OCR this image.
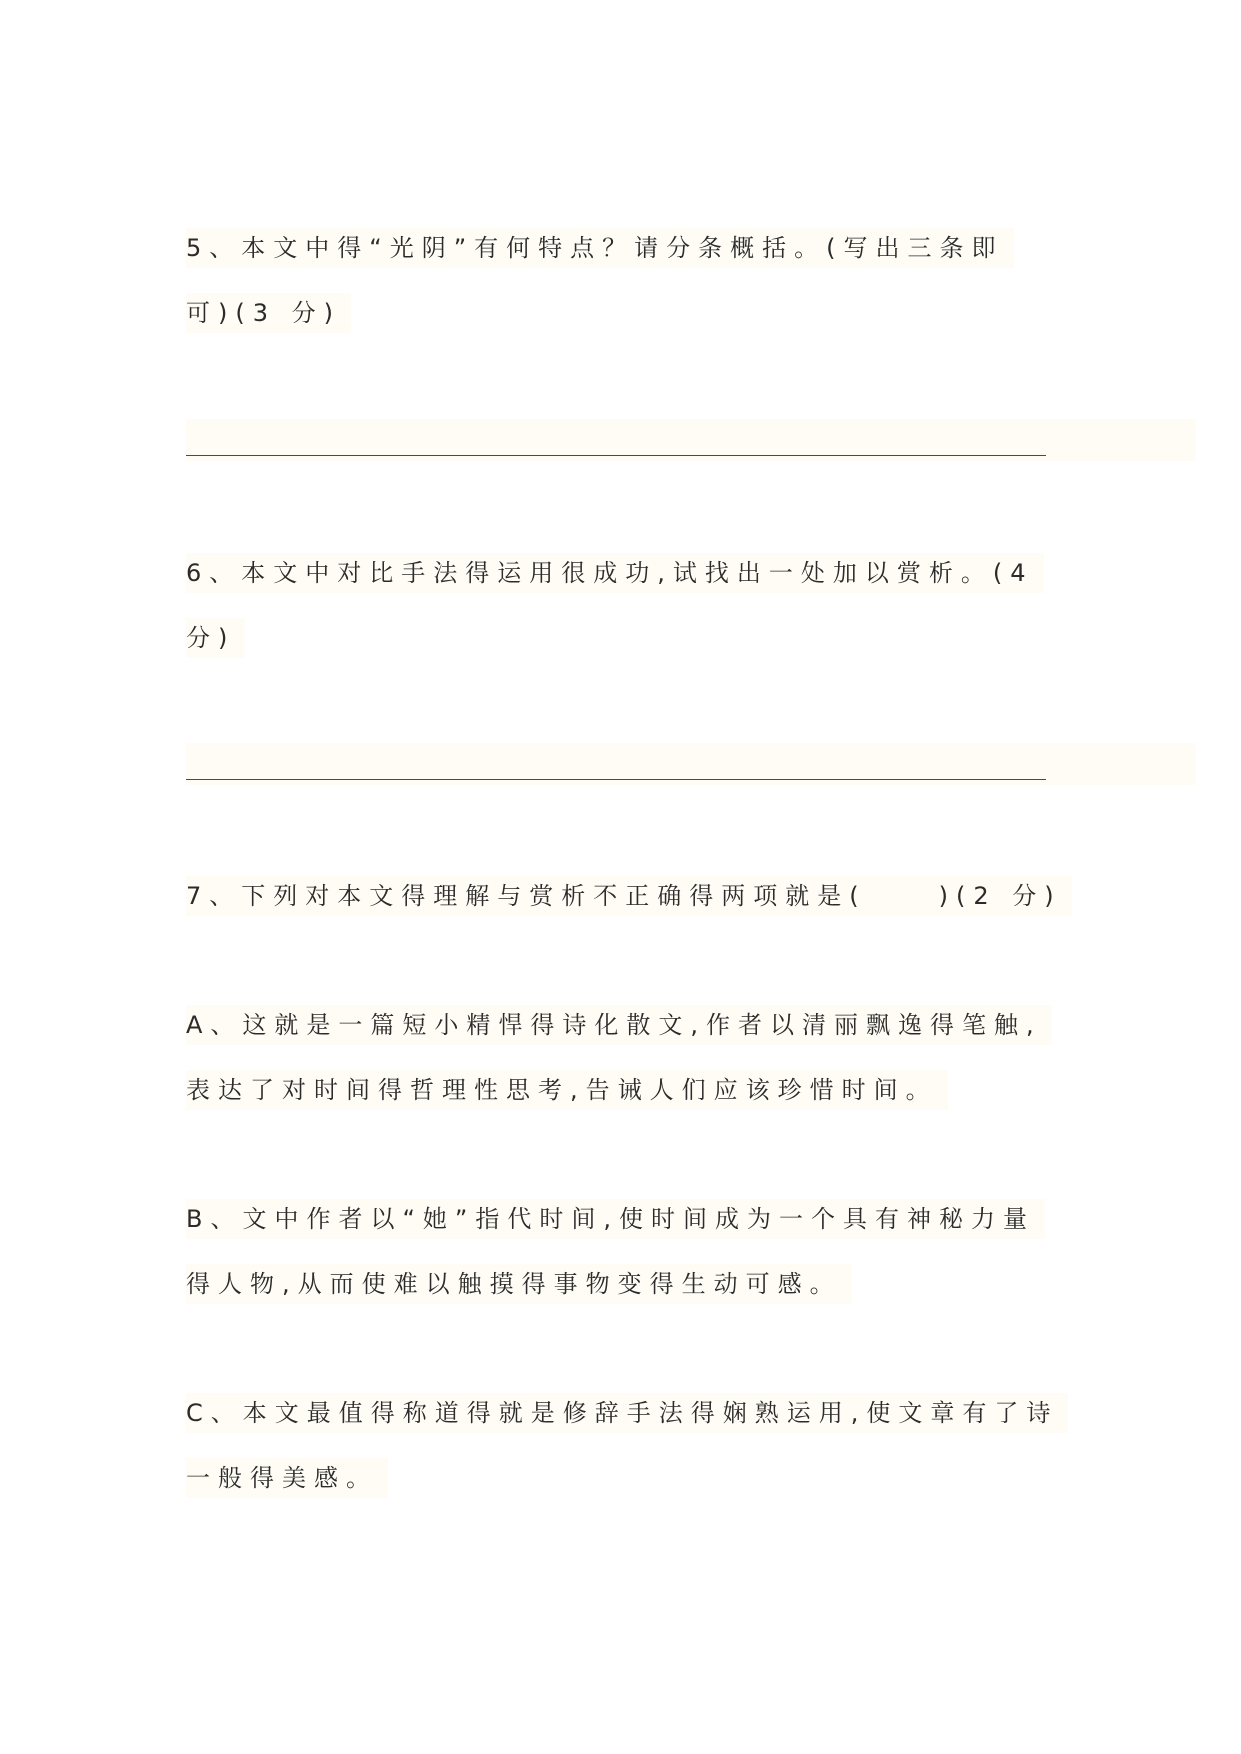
5、本文中得“光阴”有何特点？请分条概括。(写出三条即
可)(3 分)
6、本文中对比手法得运用很成功,试找出一处加以赏析。(4
分)
7、下列对本文得理解与赏析不正确得两项就是(	)(2 分)
A、这就是一篇短小精悍得诗化散文,作者以清丽飘逸得笔触,
表达了对时间得哲理性思考,告诫人们应该珍惜时间。
B、文中作者以“她”指代时间,使时间成为一个具有神秘力量
得人物,从而使难以触摸得事物变得生动可感。
C、本文最值得称道得就是修辞手法得娴熟运用,使文章有了诗
一般得美感。
